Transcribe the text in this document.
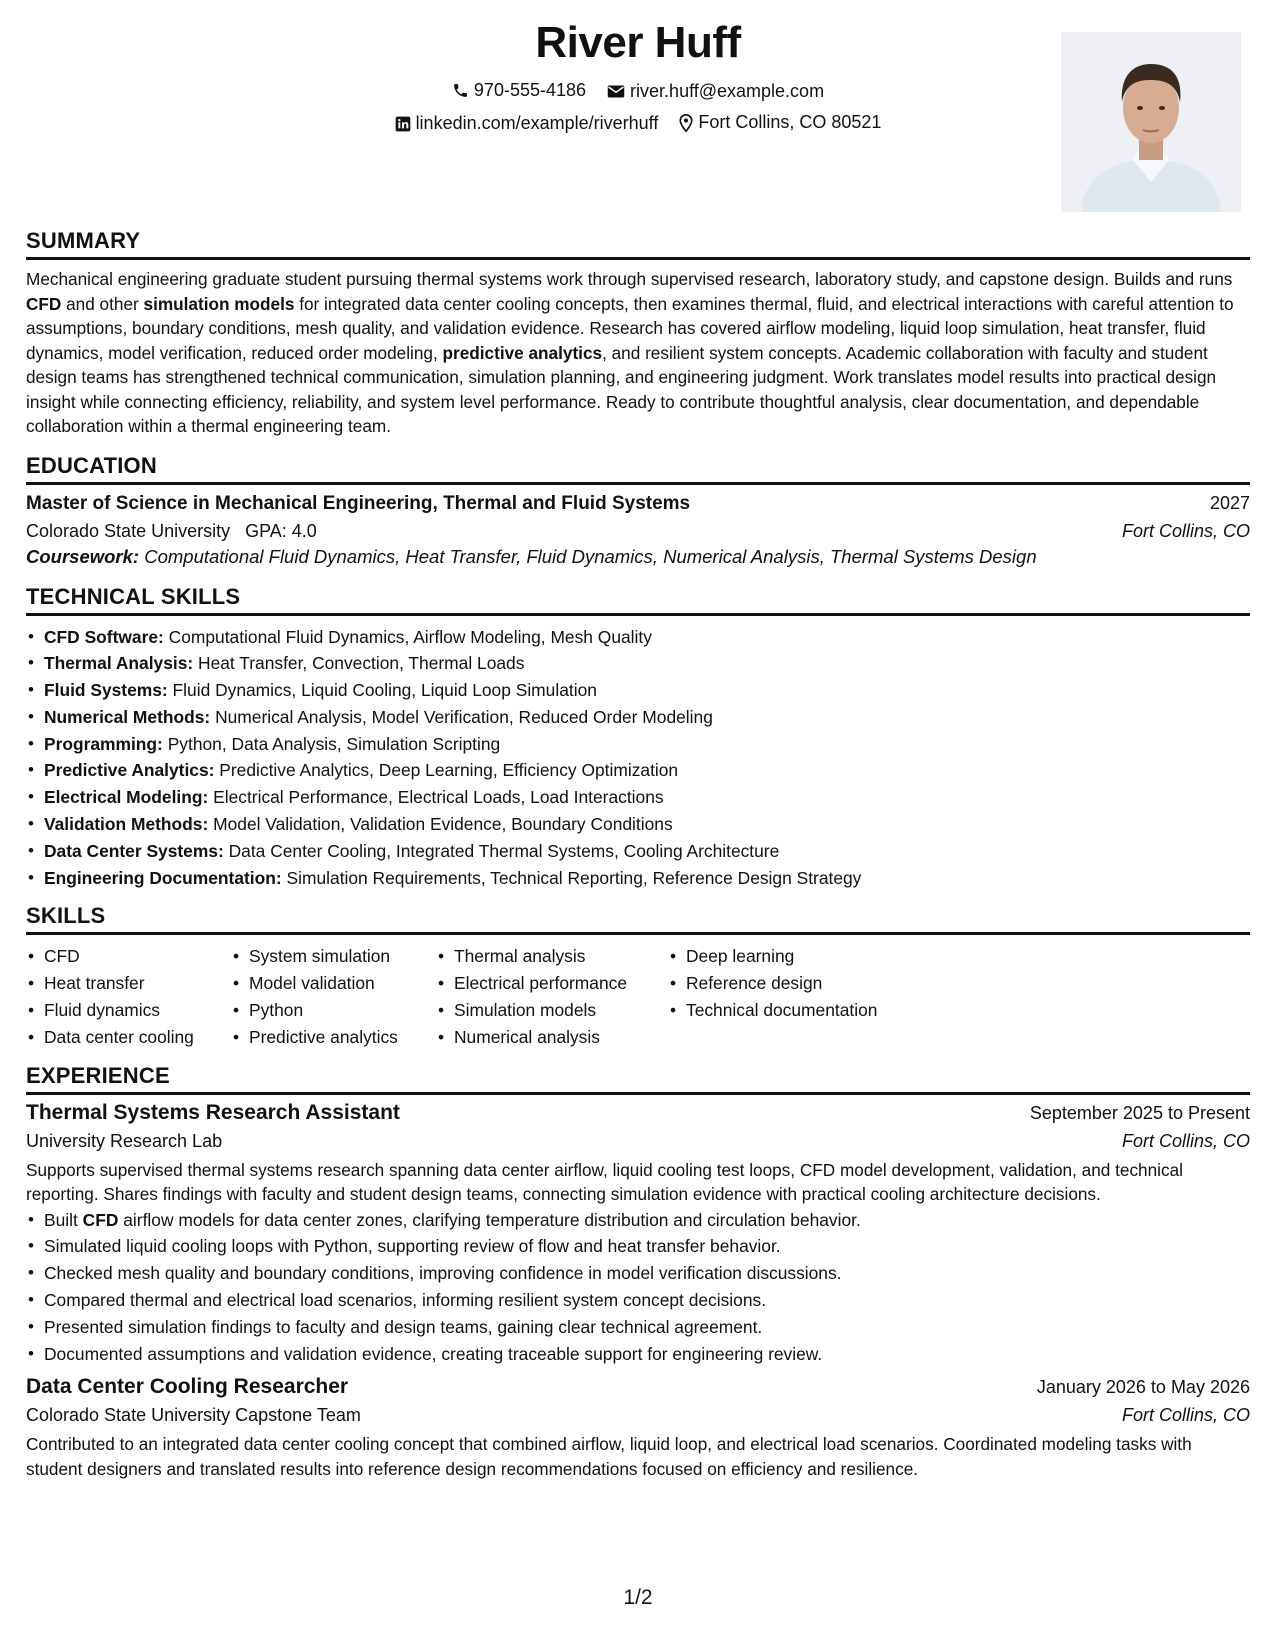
River Huff
970-555-4186
river.huff@example.com
linkedin.com/example/riverhuff
Fort Collins, CO 80521
SUMMARY

Mechanical engineering graduate student pursuing thermal systems work through supervised research, laboratory study, and capstone design. Builds and runs CFD and other simulation models for integrated data center cooling concepts, then examines thermal, fluid, and electrical interactions with careful attention to assumptions, boundary conditions, mesh quality, and validation evidence. Research has covered airflow modeling, liquid loop simulation, heat transfer, fluid dynamics, model verification, reduced order modeling, predictive analytics, and resilient system concepts. Academic collaboration with faculty and student design teams has strengthened technical communication, simulation planning, and engineering judgment. Work translates model results into practical design insight while connecting efficiency, reliability, and system level performance. Ready to contribute thoughtful analysis, clear documentation, and dependable collaboration within a thermal engineering team.

EDUCATION
Master of Science in Mechanical Engineering, Thermal and Fluid Systems	2027
Colorado State University GPA: 4.0	Fort Collins, CO
Coursework: Computational Fluid Dynamics, Heat Transfer, Fluid Dynamics, Numerical Analysis, Thermal Systems Design
TECHNICAL SKILLS
• CFD Software: Computational Fluid Dynamics, Airflow Modeling, Mesh Quality
• Thermal Analysis: Heat Transfer, Convection, Thermal Loads
• Fluid Systems: Fluid Dynamics, Liquid Cooling, Liquid Loop Simulation
• Numerical Methods: Numerical Analysis, Model Verification, Reduced Order Modeling
• Programming: Python, Data Analysis, Simulation Scripting
• Predictive Analytics: Predictive Analytics, Deep Learning, Efficiency Optimization
• Electrical Modeling: Electrical Performance, Electrical Loads, Load Interactions
• Validation Methods: Model Validation, Validation Evidence, Boundary Conditions
• Data Center Systems: Data Center Cooling, Integrated Thermal Systems, Cooling Architecture
• Engineering Documentation: Simulation Requirements, Technical Reporting, Reference Design Strategy
SKILLS
• CFD
• Heat transfer
• Fluid dynamics
• Data center cooling
• System simulation
• Model validation
• Python
• Predictive analytics
• Thermal analysis
• Electrical performance
• Simulation models
• Numerical analysis
• Deep learning
• Reference design
• Technical documentation
EXPERIENCE
Thermal Systems Research Assistant	September 2025 to Present
University Research Lab	Fort Collins, CO

Supports supervised thermal systems research spanning data center airflow, liquid cooling test loops, CFD model development, validation, and technical reporting. Shares findings with faculty and student design teams, connecting simulation evidence with practical cooling architecture decisions.

• Built CFD airflow models for data center zones, clarifying temperature distribution and circulation behavior.
• Simulated liquid cooling loops with Python, supporting review of flow and heat transfer behavior.
• Checked mesh quality and boundary conditions, improving confidence in model verification discussions.
• Compared thermal and electrical load scenarios, informing resilient system concept decisions.
• Presented simulation findings to faculty and design teams, gaining clear technical agreement.
• Documented assumptions and validation evidence, creating traceable support for engineering review.
Data Center Cooling Researcher	January 2026 to May 2026
Colorado State University Capstone Team	Fort Collins, CO

Contributed to an integrated data center cooling concept that combined airflow, liquid loop, and electrical load scenarios. Coordinated modeling tasks with student designers and translated results into reference design recommendations focused on efficiency and resilience.

1/2
